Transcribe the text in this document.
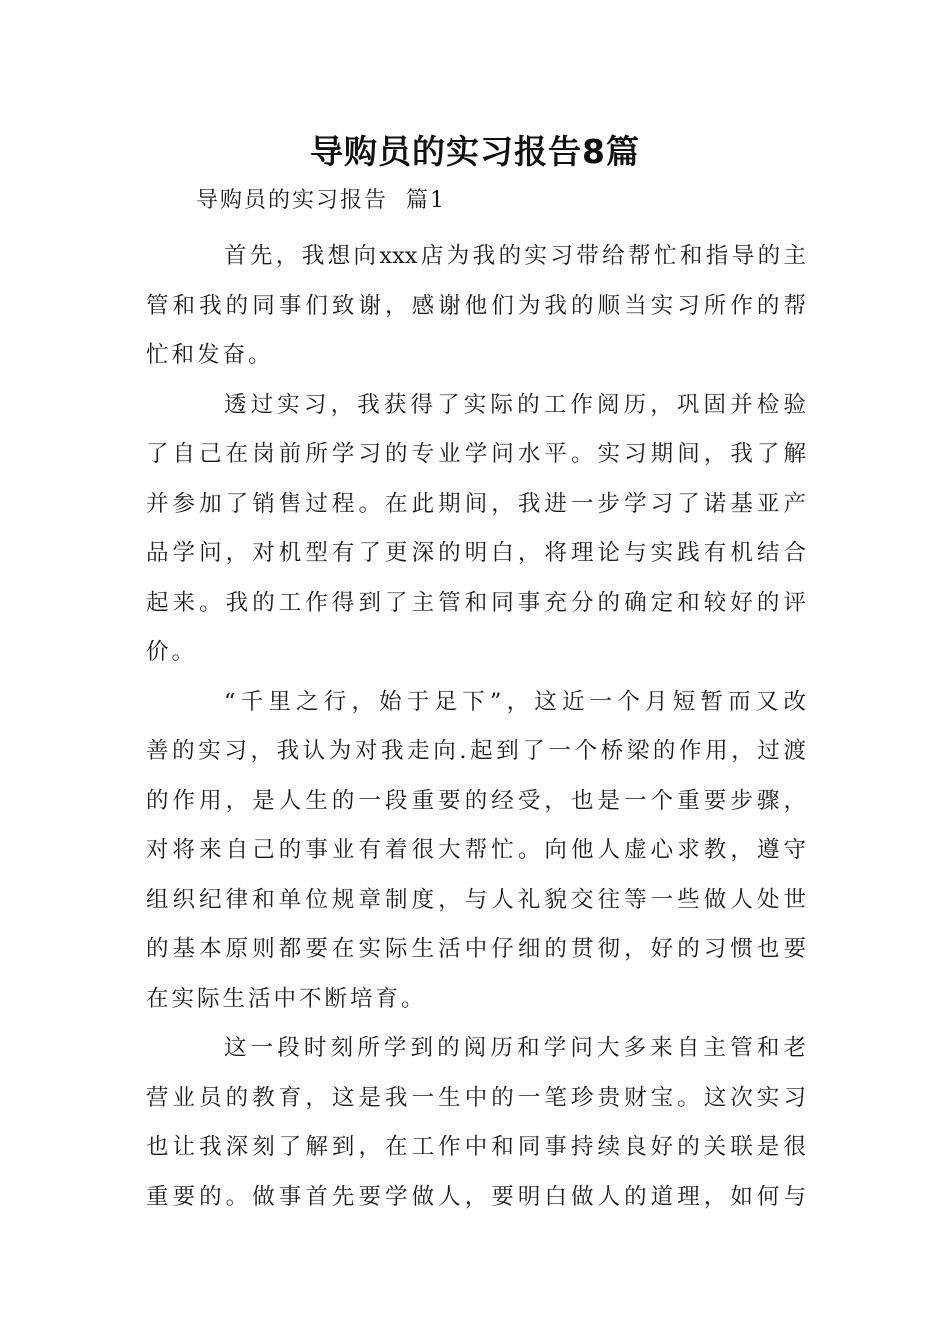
导购员的实习报告8篇
导购员的实习报告  篇1
首先，我想向xxx店为我的实习带给帮忙和指导的主
管和我的同事们致谢，感谢他们为我的顺当实习所作的帮
忙和发奋。
透过实习，我获得了实际的工作阅历，巩固并检验
了自己在岗前所学习的专业学问水平。实习期间，我了解
并参加了销售过程。在此期间，我进一步学习了诺基亚产
品学问，对机型有了更深的明白，将理论与实践有机结合
起来。我的工作得到了主管和同事充分的确定和较好的评
价。
“千里之行，始于足下”，这近一个月短暂而又改
善的实习，我认为对我走向.起到了一个桥梁的作用，过渡
的作用，是人生的一段重要的经受，也是一个重要步骤，
对将来自己的事业有着很大帮忙。向他人虚心求教，遵守
组织纪律和单位规章制度，与人礼貌交往等一些做人处世
的基本原则都要在实际生活中仔细的贯彻，好的习惯也要
在实际生活中不断培育。
这一段时刻所学到的阅历和学问大多来自主管和老
营业员的教育，这是我一生中的一笔珍贵财宝。这次实习
也让我深刻了解到，在工作中和同事持续良好的关联是很
重要的。做事首先要学做人，要明白做人的道理，如何与
